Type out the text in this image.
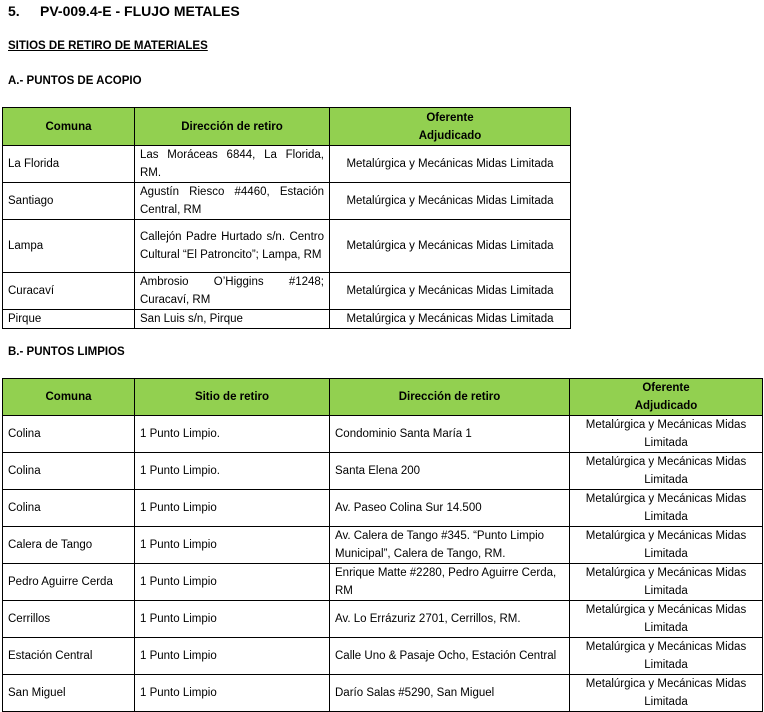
5. PV-009.4-E - FLUJO METALES
SITIOS DE RETIRO DE MATERIALES
A.- PUNTOS DE ACOPIO
Comuna	Dirección de retiro	Oferente
Adjudicado
La Florida	Las Moráceas 6844, La Florida, RM.	Metalúrgica y Mecánicas Midas Limitada
Santiago	Agustín Riesco #4460, Estación Central, RM	Metalúrgica y Mecánicas Midas Limitada
Lampa	Callejón Padre Hurtado s/n. Centro Cultural “El Patroncito”; Lampa, RM	Metalúrgica y Mecánicas Midas Limitada
Curacaví	Ambrosio O’Higgins #1248; Curacaví, RM	Metalúrgica y Mecánicas Midas Limitada
Pirque	San Luis s/n, Pirque	Metalúrgica y Mecánicas Midas Limitada
B.- PUNTOS LIMPIOS
Comuna	Sitio de retiro	Dirección de retiro	Oferente
Adjudicado
Colina	1 Punto Limpio.	Condominio Santa María 1	Metalúrgica y Mecánicas Midas
Limitada
Colina	1 Punto Limpio.	Santa Elena 200	Metalúrgica y Mecánicas Midas
Limitada
Colina	1 Punto Limpio	Av. Paseo Colina Sur 14.500	Metalúrgica y Mecánicas Midas
Limitada
Calera de Tango	1 Punto Limpio	Av. Calera de Tango #345. “Punto Limpio Municipal”, Calera de Tango, RM.	Metalúrgica y Mecánicas Midas
Limitada
Pedro Aguirre Cerda	1 Punto Limpio	Enrique Matte #2280, Pedro Aguirre Cerda, RM	Metalúrgica y Mecánicas Midas
Limitada
Cerrillos	1 Punto Limpio	Av. Lo Errázuriz 2701, Cerrillos, RM.	Metalúrgica y Mecánicas Midas
Limitada
Estación Central	1 Punto Limpio	Calle Uno & Pasaje Ocho, Estación Central	Metalúrgica y Mecánicas Midas
Limitada
San Miguel	1 Punto Limpio	Darío Salas #5290, San Miguel	Metalúrgica y Mecánicas Midas
Limitada
